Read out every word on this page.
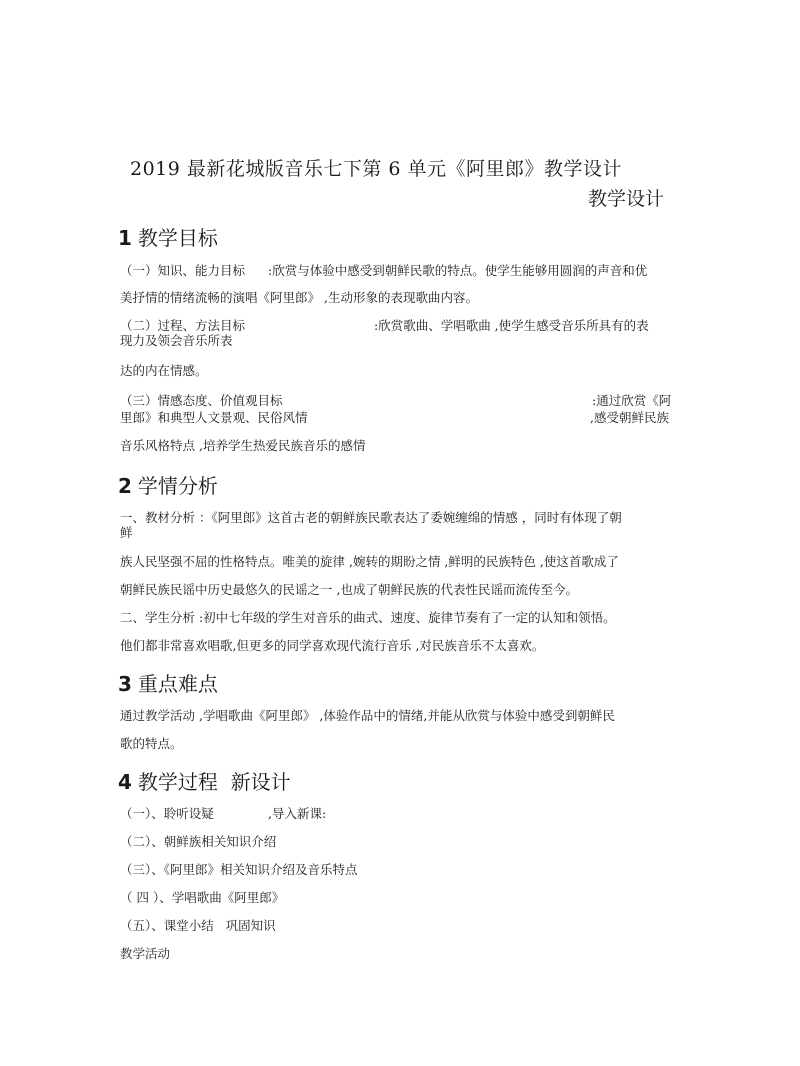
2019 最新花城版音乐七下第 6 单元《阿里郎》教学设计
教学设计
1 教学目标
（一）知识、能力目标 :欣赏与体验中感受到朝鲜民歌的特点。使学生能够用圆润的声音和优
美抒情的情绪流畅的演唱《阿里郎》 ,生动形象的表现歌曲内容。
（二）过程、方法目标	:欣赏歌曲、学唱歌曲 ,使学生感受音乐所具有的表
现力及领会音乐所表
达的内在情感。
（三）情感态度、价值观目标	:通过欣赏《阿
里郎》和典型人文景观、民俗风情	,感受朝鲜民族
音乐风格特点 ,培养学生热爱民族音乐的感情
2 学情分析
一、教材分析 ：《阿里郎》这首古老的朝鲜族民歌表达了委婉缠绵的情感 ，同时有体现了朝
鲜
族人民坚强不屈的性格特点。唯美的旋律 ,婉转的期盼之情 ,鲜明的民族特色 ,使这首歌成了
朝鲜民族民谣中历史最悠久的民谣之一 ,也成了朝鲜民族的代表性民谣而流传至今。
二、学生分析 :初中七年级的学生对音乐的曲式、速度、旋律节奏有了一定的认知和领悟。
他们都非常喜欢唱歌,但更多的同学喜欢现代流行音乐 ,对民族音乐不太喜欢。
3 重点难点
通过教学活动 ,学唱歌曲《阿里郎》 ,体验作品中的情绪,并能从欣赏与体验中感受到朝鲜民
歌的特点。
4 教学过程  新设计
（一）、聆听设疑	,导入新课:
（二）、朝鲜族相关知识介绍
（三）、《阿里郎》相关知识介绍及音乐特点
（ 四 ）、学唱歌曲《阿里郎》
（五）、课堂小结   巩固知识
教学活动
